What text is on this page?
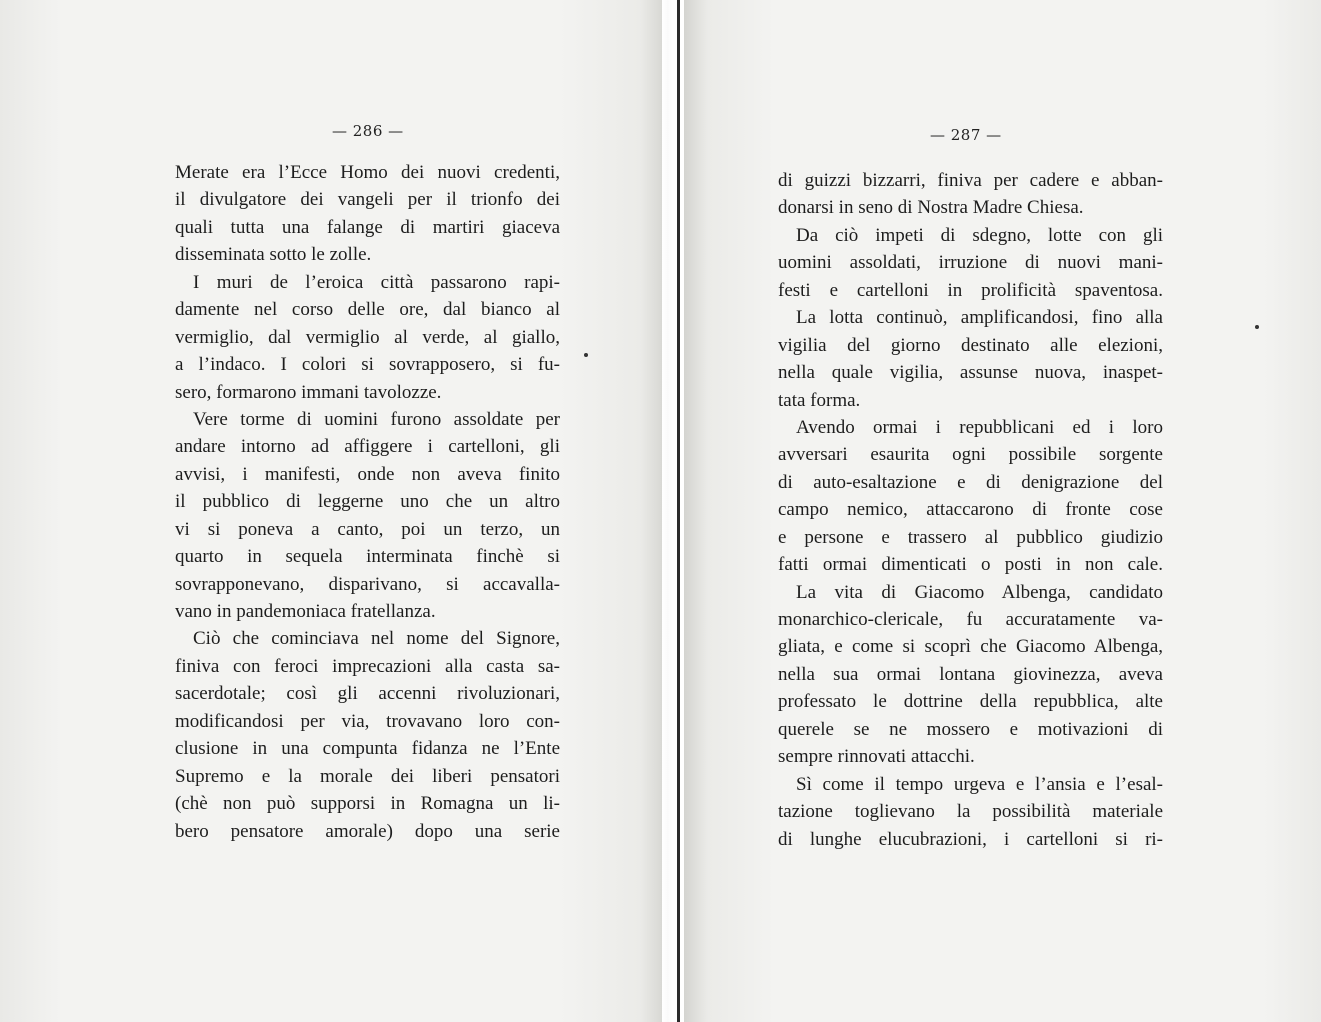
— 286 —
Merate era l’Ecce Homo dei nuovi credenti,
il divulgatore dei vangeli per il trionfo dei
quali tutta una falange di martiri giaceva
disseminata sotto le zolle.
I muri de l’eroica città passarono rapi-
damente nel corso delle ore, dal bianco al
vermiglio, dal vermiglio al verde, al giallo,
a l’indaco. I colori si sovrapposero, si fu-
sero, formarono immani tavolozze.
Vere torme di uomini furono assoldate per
andare intorno ad affiggere i cartelloni, gli
avvisi, i manifesti, onde non aveva finito
il pubblico di leggerne uno che un altro
vi si poneva a canto, poi un terzo, un
quarto in sequela interminata finchè si
sovrapponevano, disparivano, si accavalla-
vano in pandemoniaca fratellanza.
Ciò che cominciava nel nome del Signore,
finiva con feroci imprecazioni alla casta sa-
sacerdotale; così gli accenni rivoluzionari,
modificandosi per via, trovavano loro con-
clusione in una compunta fidanza ne l’Ente
Supremo e la morale dei liberi pensatori
(chè non può supporsi in Romagna un li-
bero pensatore amorale) dopo una serie
— 287 —
di guizzi bizzarri, finiva per cadere e abban-
donarsi in seno di Nostra Madre Chiesa.
Da ciò impeti di sdegno, lotte con gli
uomini assoldati, irruzione di nuovi mani-
festi e cartelloni in prolificità spaventosa.
La lotta continuò, amplificandosi, fino alla
vigilia del giorno destinato alle elezioni,
nella quale vigilia, assunse nuova, inaspet-
tata forma.
Avendo ormai i repubblicani ed i loro
avversari esaurita ogni possibile sorgente
di auto-esaltazione e di denigrazione del
campo nemico, attaccarono di fronte cose
e persone e trassero al pubblico giudizio
fatti ormai dimenticati o posti in non cale.
La vita di Giacomo Albenga, candidato
monarchico-clericale, fu accuratamente va-
gliata, e come si scoprì che Giacomo Albenga,
nella sua ormai lontana giovinezza, aveva
professato le dottrine della repubblica, alte
querele se ne mossero e motivazioni di
sempre rinnovati attacchi.
Sì come il tempo urgeva e l’ansia e l’esal-
tazione toglievano la possibilità materiale
di lunghe elucubrazioni, i cartelloni si ri-
